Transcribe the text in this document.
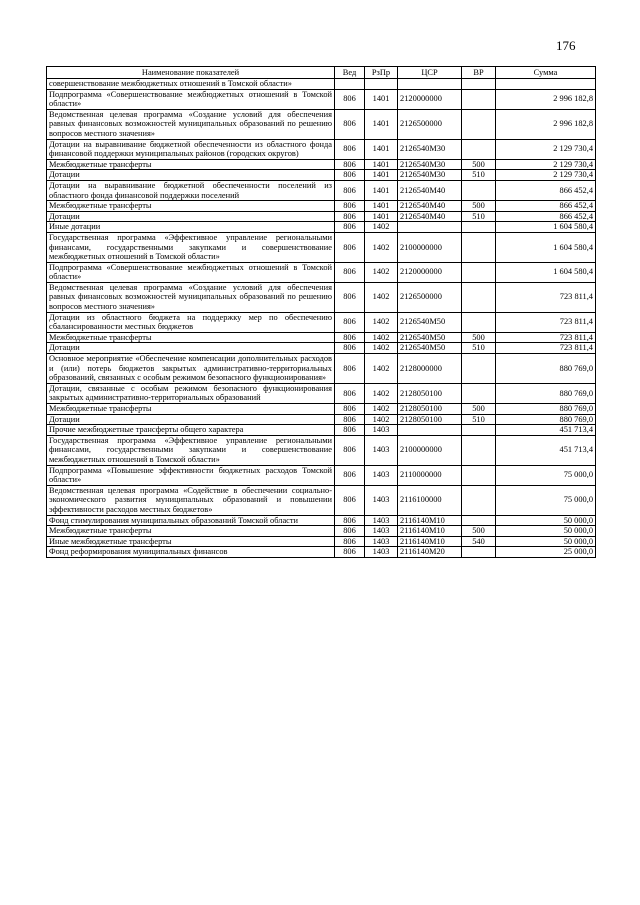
176
Наименование показателей	Вед	РзПр	ЦСР	ВР	Сумма
совершенствование межбюджетных отношений в Томской области»					
Подпрограмма «Совершенствование межбюджетных отношений в Томской области»	806	1401	2120000000		2 996 182,8
Ведомственная целевая программа «Создание условий для обеспечения равных финансовых возможностей муниципальных образований по решению вопросов местного значения»	806	1401	2126500000		2 996 182,8
Дотации на выравнивание бюджетной обеспеченности из областного фонда финансовой поддержки муниципальных районов (городских округов)	806	1401	2126540М30		2 129 730,4
Межбюджетные трансферты	806	1401	2126540М30	500	2 129 730,4
Дотации	806	1401	2126540М30	510	2 129 730,4
Дотации на выравнивание бюджетной обеспеченности поселений из областного фонда финансовой поддержки поселений	806	1401	2126540М40		866 452,4
Межбюджетные трансферты	806	1401	2126540М40	500	866 452,4
Дотации	806	1401	2126540М40	510	866 452,4
Иные дотации	806	1402			1 604 580,4
Государственная программа «Эффективное управление региональными финансами, государственными закупками и совершенствование межбюджетных отношений в Томской области»	806	1402	2100000000		1 604 580,4
Подпрограмма «Совершенствование межбюджетных отношений в Томской области»	806	1402	2120000000		1 604 580,4
Ведомственная целевая программа «Создание условий для обеспечения равных финансовых возможностей муниципальных образований по решению вопросов местного значения»	806	1402	2126500000		723 811,4
Дотации из областного бюджета на поддержку мер по обеспечению сбалансированности местных бюджетов	806	1402	2126540М50		723 811,4
Межбюджетные трансферты	806	1402	2126540М50	500	723 811,4
Дотации	806	1402	2126540М50	510	723 811,4
Основное мероприятие «Обеспечение компенсации дополнительных расходов и (или) потерь бюджетов закрытых административно-территориальных образований, связанных с особым режимом безопасного функционирования»	806	1402	2128000000		880 769,0
Дотации, связанные с особым режимом безопасного функционирования закрытых административно-территориальных образований	806	1402	2128050100		880 769,0
Межбюджетные трансферты	806	1402	2128050100	500	880 769,0
Дотации	806	1402	2128050100	510	880 769,0
Прочие межбюджетные трансферты общего характера	806	1403			451 713,4
Государственная программа «Эффективное управление региональными финансами, государственными закупками и совершенствование межбюджетных отношений в Томской области»	806	1403	2100000000		451 713,4
Подпрограмма «Повышение эффективности бюджетных расходов Томской области»	806	1403	2110000000		75 000,0
Ведомственная целевая программа «Содействие в обеспечении социально-экономического развития муниципальных образований и повышении эффективности расходов местных бюджетов»	806	1403	2116100000		75 000,0
Фонд стимулирования муниципальных образований Томской области	806	1403	2116140М10		50 000,0
Межбюджетные трансферты	806	1403	2116140М10	500	50 000,0
Иные межбюджетные трансферты	806	1403	2116140М10	540	50 000,0
Фонд реформирования муниципальных финансов	806	1403	2116140М20		25 000,0
